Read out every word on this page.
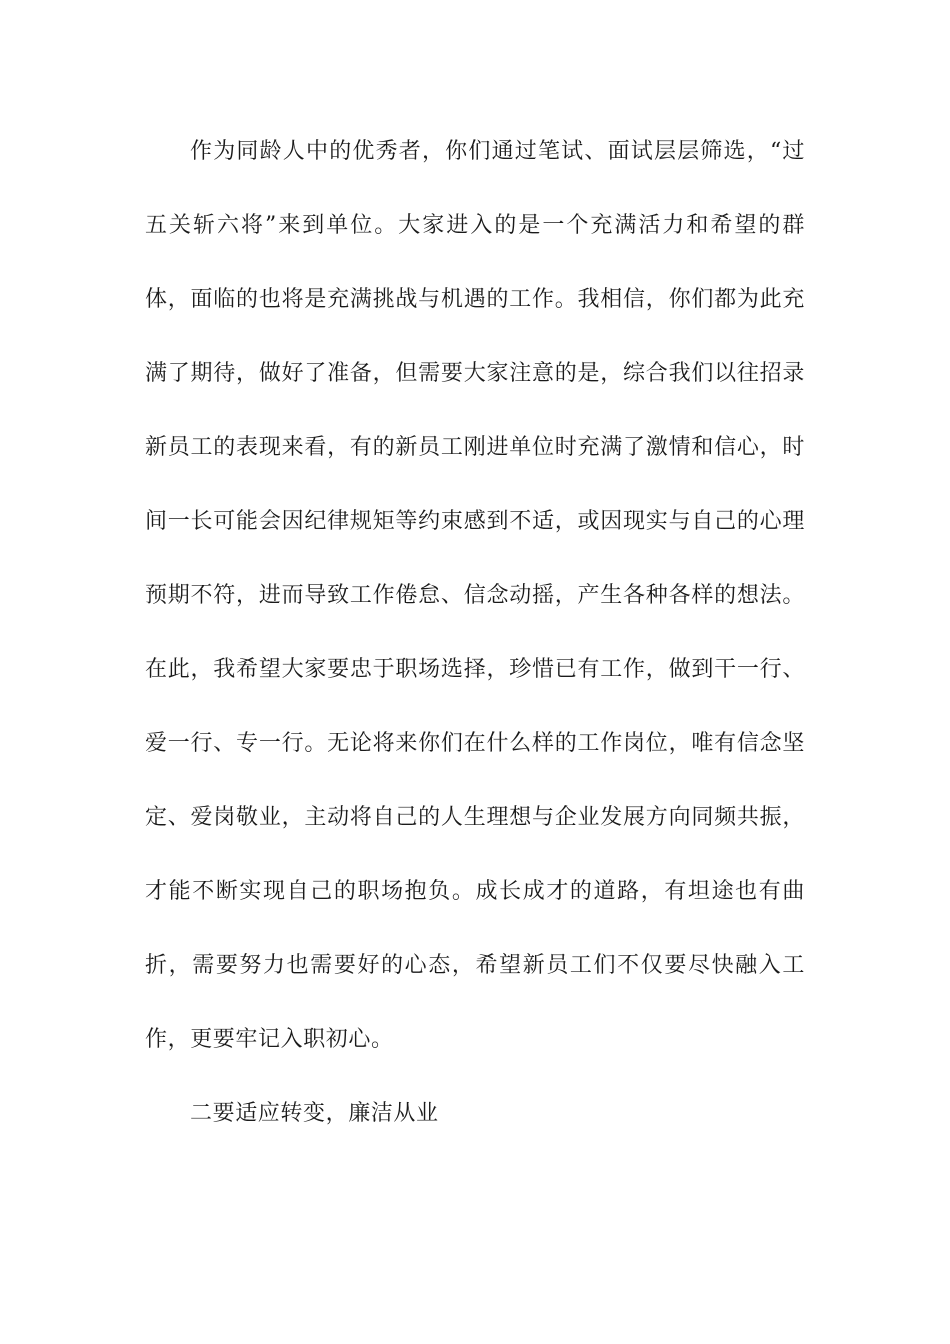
作为同龄人中的优秀者，你们通过笔试、面试层层筛选，“过
五关斩六将”来到单位。大家进入的是一个充满活力和希望的群
体，面临的也将是充满挑战与机遇的工作。我相信，你们都为此充
满了期待，做好了准备，但需要大家注意的是，综合我们以往招录
新员工的表现来看，有的新员工刚进单位时充满了激情和信心，时
间一长可能会因纪律规矩等约束感到不适，或因现实与自己的心理
预期不符，进而导致工作倦怠、信念动摇，产生各种各样的想法。
在此，我希望大家要忠于职场选择，珍惜已有工作，做到干一行、
爱一行、专一行。无论将来你们在什么样的工作岗位，唯有信念坚
定、爱岗敬业，主动将自己的人生理想与企业发展方向同频共振，
才能不断实现自己的职场抱负。成长成才的道路，有坦途也有曲
折，需要努力也需要好的心态，希望新员工们不仅要尽快融入工
作，更要牢记入职初心。
二要适应转变，廉洁从业
